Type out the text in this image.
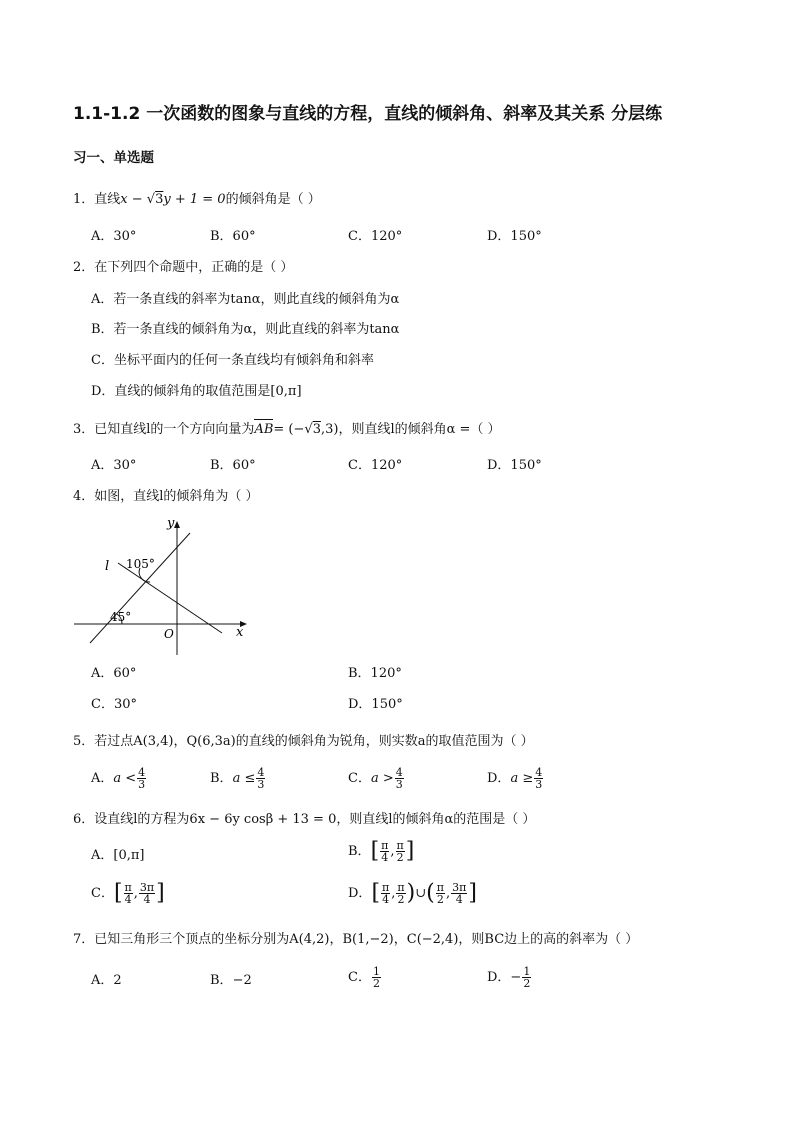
1.1-1.2 一次函数的图象与直线的方程，直线的倾斜角、斜率及其关系 分层练
习一、单选题
1．直线x − √3y + 1 = 0的倾斜角是（ ）
A．30°	B．60°	C．120°	D．150°
2．在下列四个命题中，正确的是（ ）
A．若一条直线的斜率为tanα，则此直线的倾斜角为α
B．若一条直线的倾斜角为α，则此直线的斜率为tanα
C．坐标平面内的任何一条直线均有倾斜角和斜率
D．直线的倾斜角的取值范围是[0,π]
3．已知直线l的一个方向向量为AB= (−√3,3)，则直线l的倾斜角α =（ ）
A．30°	B．60°	C．120°	D．150°
4．如图，直线l的倾斜角为（ ）
y
x
O
l 105°
45°
A．60°	B．120°
C．30°	D．150°
5．若过点A(3,4)，Q(6,3a)的直线的倾斜角为锐角，则实数a的取值范围为（ ）
A．$a < \frac{4}{3}$	B．$a \le \frac{4}{3}$	C．$a > \frac{4}{3}$	D．$a \ge \frac{4}{3}$
6．设直线l的方程为6x − 6y cosβ + 13 = 0，则直线l的倾斜角α的范围是（ ）
A．[0,π]	B．[ $\frac{\pi}{4}$ , $\frac{\pi}{2}$ ]
C．[ $\frac{\pi}{4}$ , $\frac{3\pi}{4}$ ]	D．[ $\frac{\pi}{4}$ , $\frac{\pi}{2}$ )∪( $\frac{\pi}{2}$ , $\frac{3\pi}{4}$ ]
7．已知三角形三个顶点的坐标分别为A(4,2)，B(1,−2)，C(−2,4)，则BC边上的高的斜率为（ ）
A．2	B．−2	C． $\frac{1}{2}$	D．− $\frac{1}{2}$
